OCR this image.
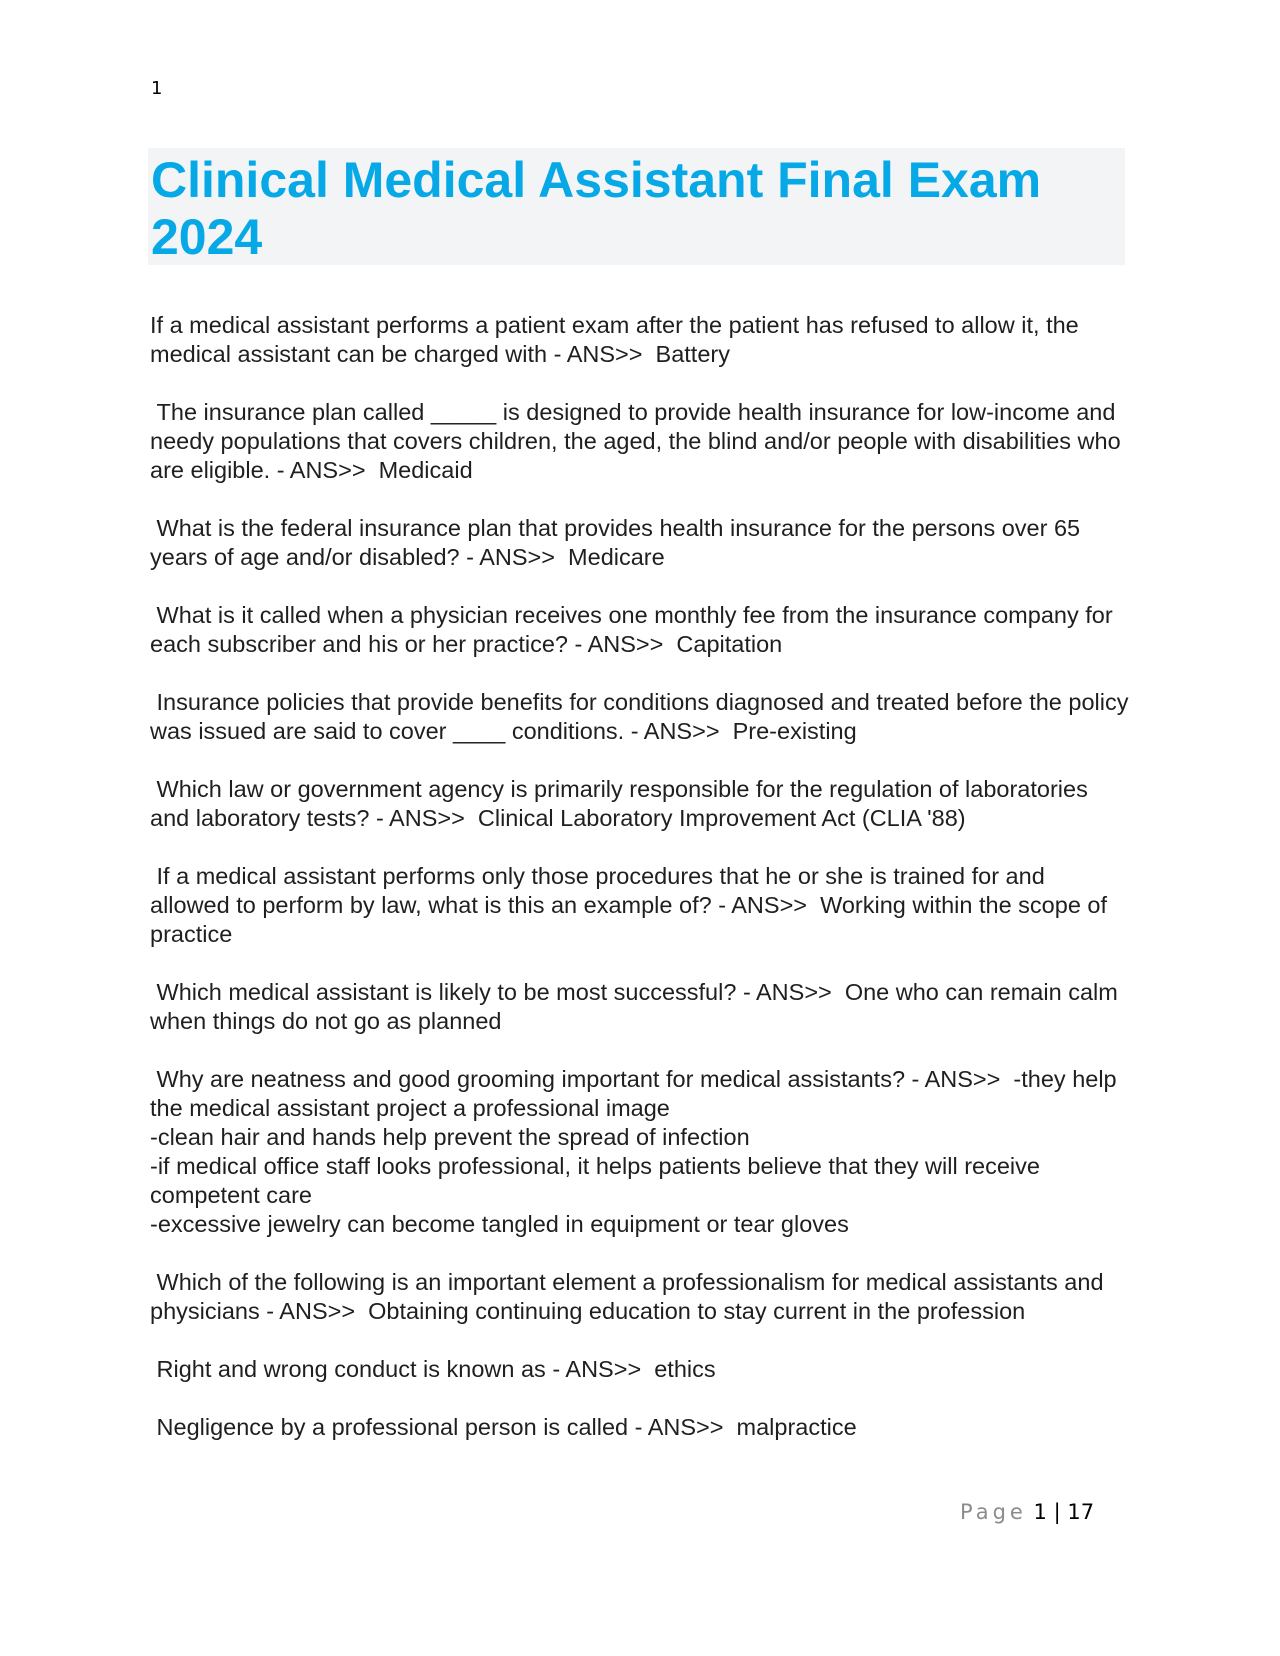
1
Clinical Medical Assistant Final Exam 2024

If a medical assistant performs a patient exam after the patient has refused to allow it, the medical assistant can be charged with - ANS>>  Battery

The insurance plan called _____ is designed to provide health insurance for low-income and needy populations that covers children, the aged, the blind and/or people with disabilities who are eligible. - ANS>>  Medicaid

What is the federal insurance plan that provides health insurance for the persons over 65 years of age and/or disabled? - ANS>>  Medicare

What is it called when a physician receives one monthly fee from the insurance company for each subscriber and his or her practice? - ANS>>  Capitation

Insurance policies that provide benefits for conditions diagnosed and treated before the policy was issued are said to cover ____ conditions. - ANS>>  Pre-existing

Which law or government agency is primarily responsible for the regulation of laboratories and laboratory tests? - ANS>>  Clinical Laboratory Improvement Act (CLIA '88)

If a medical assistant performs only those procedures that he or she is trained for and allowed to perform by law, what is this an example of? - ANS>>  Working within the scope of practice

Which medical assistant is likely to be most successful? - ANS>>  One who can remain calm when things do not go as planned

Why are neatness and good grooming important for medical assistants? - ANS>>  -they help the medical assistant project a professional image
-clean hair and hands help prevent the spread of infection
-if medical office staff looks professional, it helps patients believe that they will receive competent care
-excessive jewelry can become tangled in equipment or tear gloves

Which of the following is an important element a professionalism for medical assistants and physicians - ANS>>  Obtaining continuing education to stay current in the profession

Right and wrong conduct is known as - ANS>>  ethics

Negligence by a professional person is called - ANS>>  malpractice

Page 1 | 17
